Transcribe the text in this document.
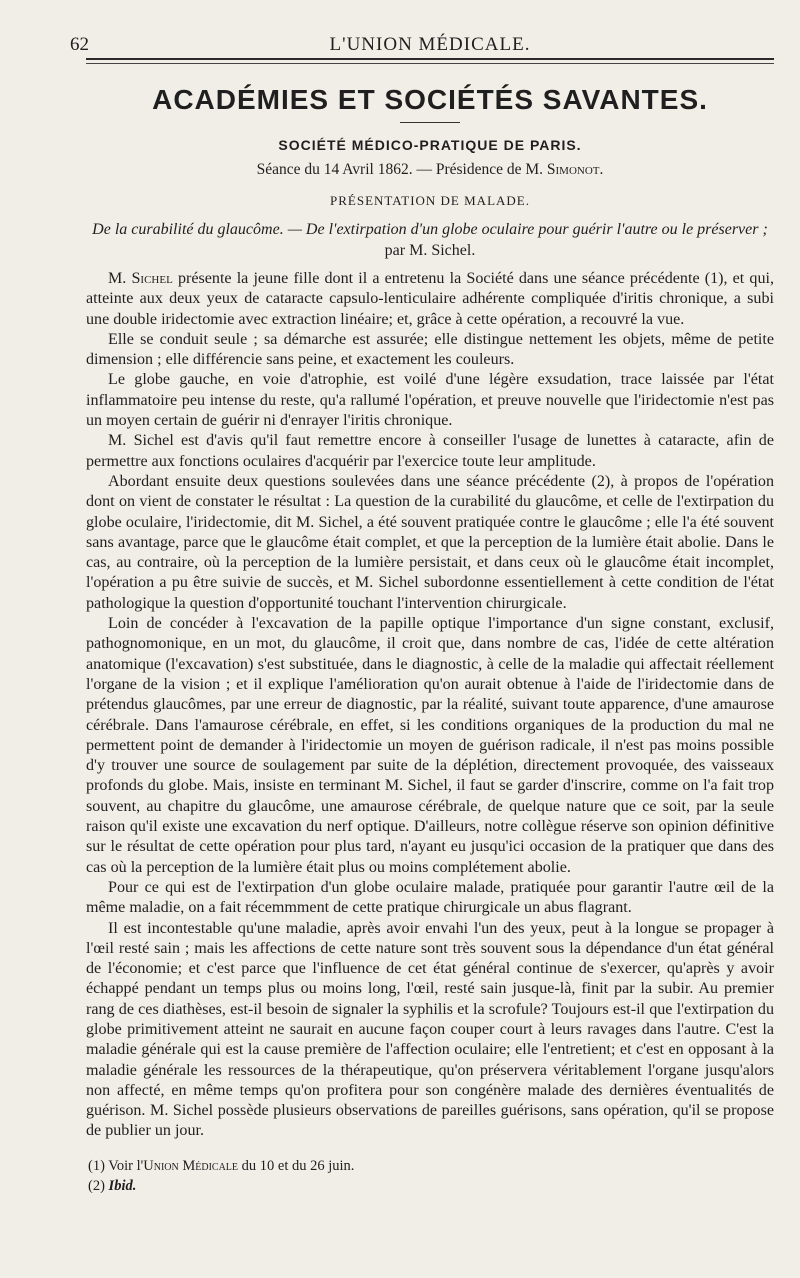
62	L'UNION MÉDICALE.
ACADÉMIES ET SOCIÉTÉS SAVANTES.
SOCIÉTÉ MÉDICO-PRATIQUE DE PARIS.
Séance du 14 Avril 1862. — Présidence de M. Simonot.
PRÉSENTATION DE MALADE.
De la curabilité du glaucôme. — De l'extirpation d'un globe oculaire pour guérir l'autre ou le préserver ; par M. Sichel.

M. Sichel présente la jeune fille dont il a entretenu la Société dans une séance précédente (1), et qui, atteinte aux deux yeux de cataracte capsulo-lenticulaire adhérente compliquée d'iritis chronique, a subi une double iridectomie avec extraction linéaire; et, grâce à cette opération, a recouvré la vue.

Elle se conduit seule ; sa démarche est assurée; elle distingue nettement les objets, même de petite dimension ; elle différencie sans peine, et exactement les couleurs.

Le globe gauche, en voie d'atrophie, est voilé d'une légère exsudation, trace laissée par l'état inflammatoire peu intense du reste, qu'a rallumé l'opération, et preuve nouvelle que l'iridectomie n'est pas un moyen certain de guérir ni d'enrayer l'iritis chronique.

M. Sichel est d'avis qu'il faut remettre encore à conseiller l'usage de lunettes à cataracte, afin de permettre aux fonctions oculaires d'acquérir par l'exercice toute leur amplitude.

Abordant ensuite deux questions soulevées dans une séance précédente (2), à propos de l'opération dont on vient de constater le résultat : La question de la curabilité du glaucôme, et celle de l'extirpation du globe oculaire, l'iridectomie, dit M. Sichel, a été souvent pratiquée contre le glaucôme ; elle l'a été souvent sans avantage, parce que le glaucôme était complet, et que la perception de la lumière était abolie. Dans le cas, au contraire, où la perception de la lumière persistait, et dans ceux où le glaucôme était incomplet, l'opération a pu être suivie de succès, et M. Sichel subordonne essentiellement à cette condition de l'état pathologique la question d'opportunité touchant l'intervention chirurgicale.

Loin de concéder à l'excavation de la papille optique l'importance d'un signe constant, exclusif, pathognomonique, en un mot, du glaucôme, il croit que, dans nombre de cas, l'idée de cette altération anatomique (l'excavation) s'est substituée, dans le diagnostic, à celle de la maladie qui affectait réellement l'organe de la vision ; et il explique l'amélioration qu'on aurait obtenue à l'aide de l'iridectomie dans de prétendus glaucômes, par une erreur de diagnostic, par la réalité, suivant toute apparence, d'une amaurose cérébrale. Dans l'amaurose cérébrale, en effet, si les conditions organiques de la production du mal ne permettent point de demander à l'iridectomie un moyen de guérison radicale, il n'est pas moins possible d'y trouver une source de soulagement par suite de la déplétion, directement provoquée, des vaisseaux profonds du globe. Mais, insiste en terminant M. Sichel, il faut se garder d'inscrire, comme on l'a fait trop souvent, au chapitre du glaucôme, une amaurose cérébrale, de quelque nature que ce soit, par la seule raison qu'il existe une excavation du nerf optique. D'ailleurs, notre collègue réserve son opinion définitive sur le résultat de cette opération pour plus tard, n'ayant eu jusqu'ici occasion de la pratiquer que dans des cas où la perception de la lumière était plus ou moins complétement abolie.

Pour ce qui est de l'extirpation d'un globe oculaire malade, pratiquée pour garantir l'autre œil de la même maladie, on a fait récemmment de cette pratique chirurgicale un abus flagrant.

Il est incontestable qu'une maladie, après avoir envahi l'un des yeux, peut à la longue se propager à l'œil resté sain ; mais les affections de cette nature sont très souvent sous la dépendance d'un état général de l'économie; et c'est parce que l'influence de cet état général continue de s'exercer, qu'après y avoir échappé pendant un temps plus ou moins long, l'œil, resté sain jusque-là, finit par la subir. Au premier rang de ces diathèses, est-il besoin de signaler la syphilis et la scrofule? Toujours est-il que l'extirpation du globe primitivement atteint ne saurait en aucune façon couper court à leurs ravages dans l'autre. C'est la maladie générale qui est la cause première de l'affection oculaire; elle l'entretient; et c'est en opposant à la maladie générale les ressources de la thérapeutique, qu'on préservera véritablement l'organe jusqu'alors non affecté, en même temps qu'on profitera pour son congénère malade des dernières éventualités de guérison. M. Sichel possède plusieurs observations de pareilles guérisons, sans opération, qu'il se propose de publier un jour.

(1) Voir l'Union Médicale du 10 et du 26 juin.
(2) Ibid.
